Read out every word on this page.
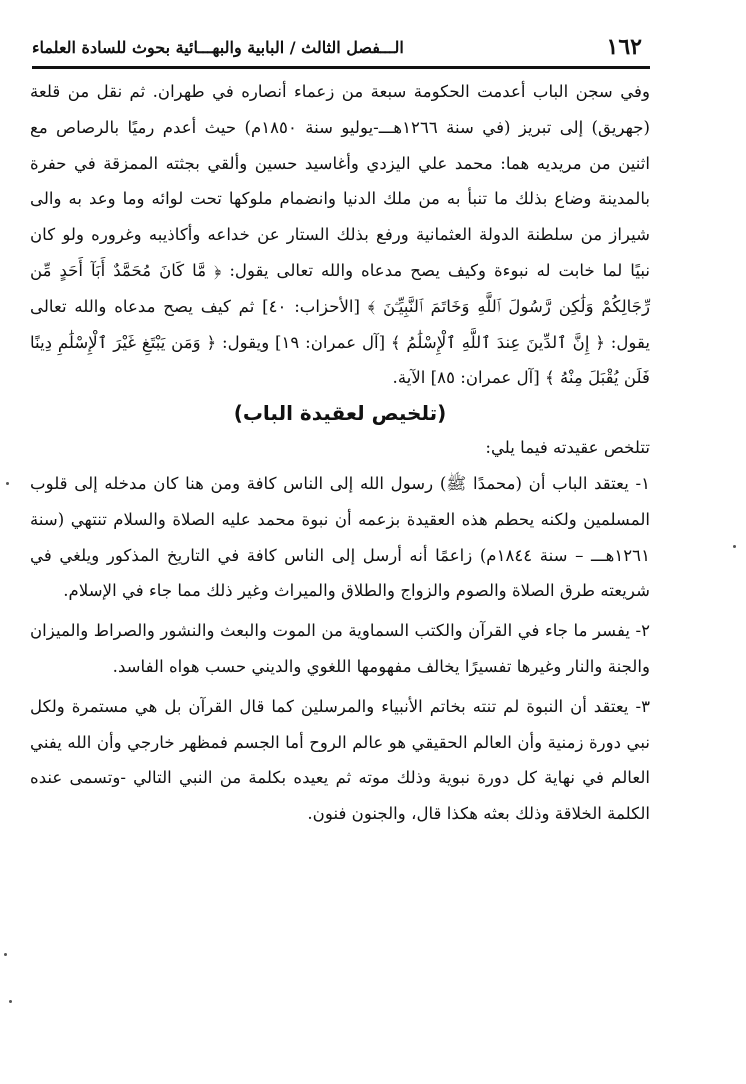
١٦٢
الـــفصل الثالث / البابية والبهـــائية بحوث للسادة العلماء

وفي سجن الباب أعدمت الحكومة سبعة من زعماء أنصاره في طهران. ثم نقل من قلعة (جهريق) إلى تبريز (في سنة ١٢٦٦هـــ-يوليو سنة ١٨٥٠م) حيث أعدم رميًا بالرصاص مع اثنين من مريديه هما: محمد علي اليزدي وأغاسيد حسين وألقي بجثته الممزقة في حفرة بالمدينة وضاع بذلك ما تنبأ به من ملك الدنيا وانضمام ملوكها تحت لوائه وما وعد به والى شيراز من سلطنة الدولة العثمانية ورفع بذلك الستار عن خداعه وأكاذيبه وغروره ولو كان نبيًا لما خابت له نبوءة وكيف يصح مدعاه والله تعالى يقول: ﴿ مَّا كَانَ مُحَمَّدٌ أَبَآ أَحَدٍ مِّن رِّجَالِكُمْ وَلَٰكِن رَّسُولَ ٱللَّهِ وَخَاتَمَ ٱلنَّبِيِّـۧنَ ﴾ [الأحزاب: ٤٠] ثم كيف يصح مدعاه والله تعالى يقول: ﴿ إِنَّ ٱلدِّينَ عِندَ ٱللَّهِ ٱلْإِسْلَٰمُ ﴾ [آل عمران: ١٩] ويقول: ﴿ وَمَن يَبْتَغِ غَيْرَ ٱلْإِسْلَٰمِ دِينًا فَلَن يُقْبَلَ مِنْهُ ﴾ [آل عمران: ٨٥] الآية.

(تلخيص لعقيدة الباب)

تتلخص عقيدته فيما يلي:

١- يعتقد الباب أن (محمدًا ﷺ) رسول الله إلى الناس كافة ومن هنا كان مدخله إلى قلوب المسلمين ولكنه يحطم هذه العقيدة بزعمه أن نبوة محمد عليه الصلاة والسلام تنتهي (سنة ١٢٦١هـــ – سنة ١٨٤٤م) زاعمًا أنه أرسل إلى الناس كافة في التاريخ المذكور ويلغي في شريعته طرق الصلاة والصوم والزواج والطلاق والميراث وغير ذلك مما جاء في الإسلام.

٢- يفسر ما جاء في القرآن والكتب السماوية من الموت والبعث والنشور والصراط والميزان والجنة والنار وغيرها تفسيرًا يخالف مفهومها اللغوي والديني حسب هواه الفاسد.

٣- يعتقد أن النبوة لم تنته بخاتم الأنبياء والمرسلين كما قال القرآن بل هي مستمرة ولكل نبي دورة زمنية وأن العالم الحقيقي هو عالم الروح أما الجسم فمظهر خارجي وأن الله يفني العالم في نهاية كل دورة نبوية وذلك موته ثم يعيده بكلمة من النبي التالي -وتسمى عنده الكلمة الخلاقة وذلك بعثه هكذا قال، والجنون فنون.
